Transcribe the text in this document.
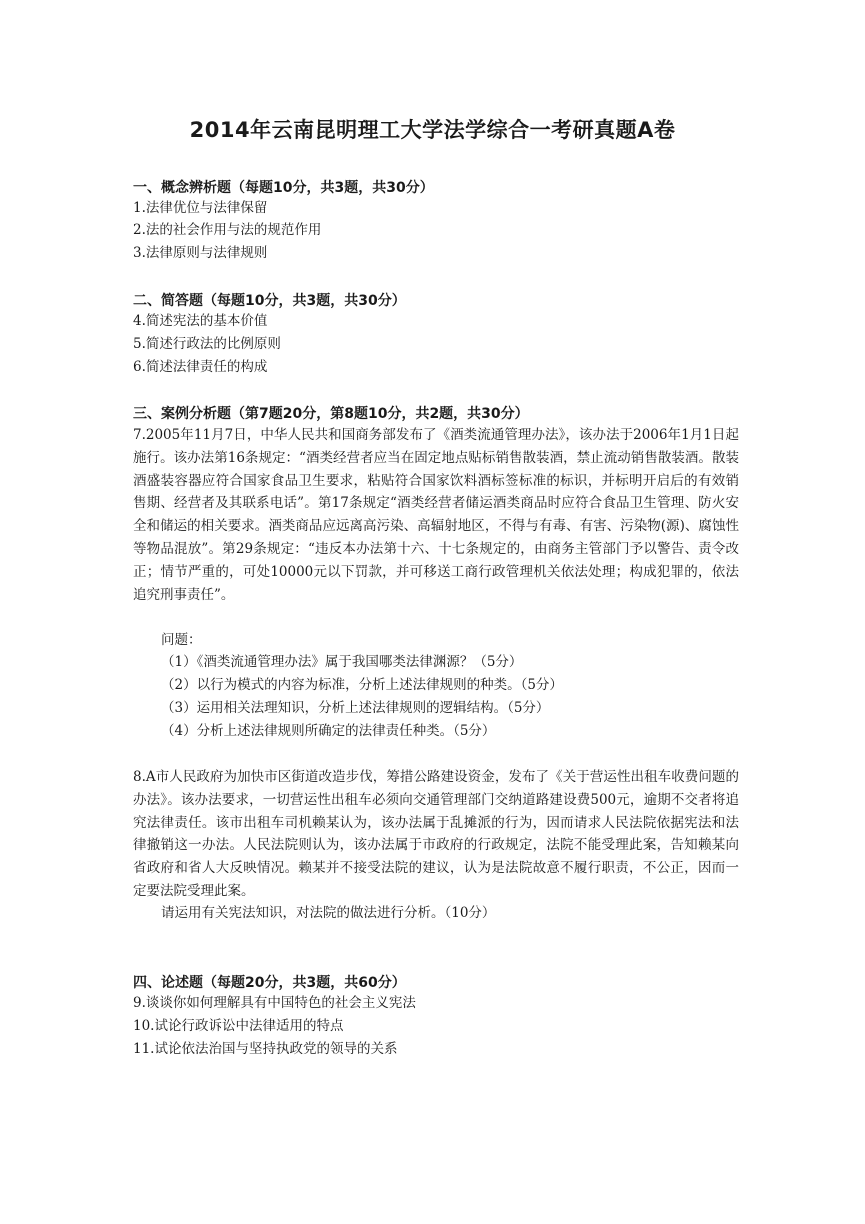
2014年云南昆明理工大学法学综合一考研真题A卷
一、概念辨析题（每题10分，共3题，共30分）
1.法律优位与法律保留
2.法的社会作用与法的规范作用
3.法律原则与法律规则
二、简答题（每题10分，共3题，共30分）
4.简述宪法的基本价值
5.简述行政法的比例原则
6.简述法律责任的构成
三、案例分析题（第7题20分，第8题10分，共2题，共30分）

7.2005年11月7日，中华人民共和国商务部发布了《酒类流通管理办法》，该办法于2006年1月1日起施行。该办法第16条规定：“酒类经营者应当在固定地点贴标销售散装酒，禁止流动销售散装酒。散装酒盛装容器应符合国家食品卫生要求，粘贴符合国家饮料酒标签标准的标识，并标明开启后的有效销售期、经营者及其联系电话”。第17条规定“酒类经营者储运酒类商品时应符合食品卫生管理、防火安全和储运的相关要求。酒类商品应远离高污染、高辐射地区，不得与有毒、有害、污染物(源)、腐蚀性等物品混放”。第29条规定：“违反本办法第十六、十七条规定的，由商务主管部门予以警告、责令改正；情节严重的，可处10000元以下罚款，并可移送工商行政管理机关依法处理；构成犯罪的，依法追究刑事责任”。

问题：
（1）《酒类流通管理办法》属于我国哪类法律渊源？（5分）
（2）以行为模式的内容为标准，分析上述法律规则的种类。（5分）
（3）运用相关法理知识，分析上述法律规则的逻辑结构。（5分）
（4）分析上述法律规则所确定的法律责任种类。（5分）

8.A市人民政府为加快市区街道改造步伐，筹措公路建设资金，发布了《关于营运性出租车收费问题的办法》。该办法要求，一切营运性出租车必须向交通管理部门交纳道路建设费500元，逾期不交者将追究法律责任。该市出租车司机赖某认为，该办法属于乱摊派的行为，因而请求人民法院依据宪法和法律撤销这一办法。人民法院则认为，该办法属于市政府的行政规定，法院不能受理此案，告知赖某向省政府和省人大反映情况。赖某并不接受法院的建议，认为是法院故意不履行职责，不公正，因而一定要法院受理此案。

请运用有关宪法知识，对法院的做法进行分析。（10分）
四、论述题（每题20分，共3题，共60分）
9.谈谈你如何理解具有中国特色的社会主义宪法
10.试论行政诉讼中法律适用的特点
11.试论依法治国与坚持执政党的领导的关系
